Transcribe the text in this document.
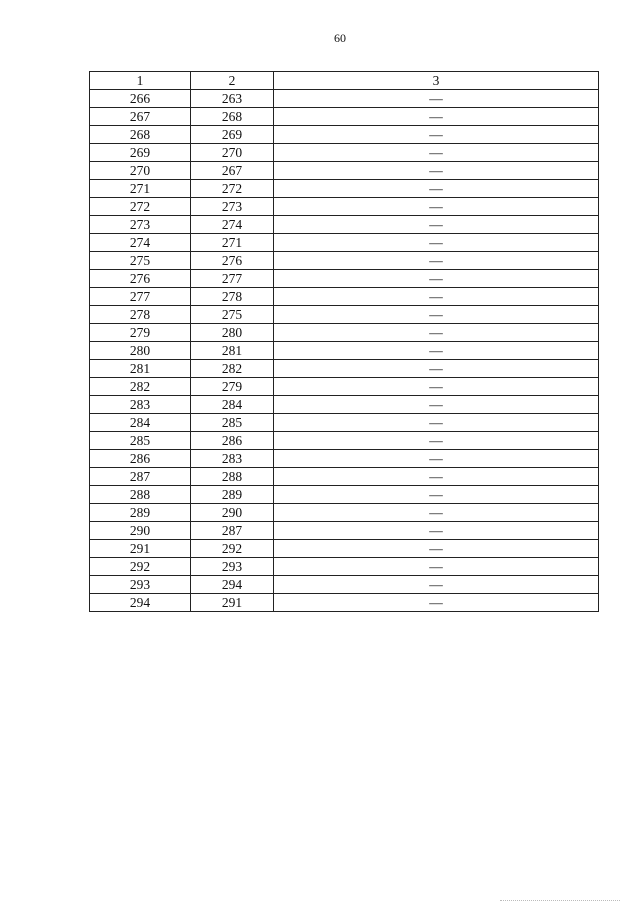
60
1	2	3
266	263	—
267	268	—
268	269	—
269	270	—
270	267	—
271	272	—
272	273	—
273	274	—
274	271	—
275	276	—
276	277	—
277	278	—
278	275	—
279	280	—
280	281	—
281	282	—
282	279	—
283	284	—
284	285	—
285	286	—
286	283	—
287	288	—
288	289	—
289	290	—
290	287	—
291	292	—
292	293	—
293	294	—
294	291	—
